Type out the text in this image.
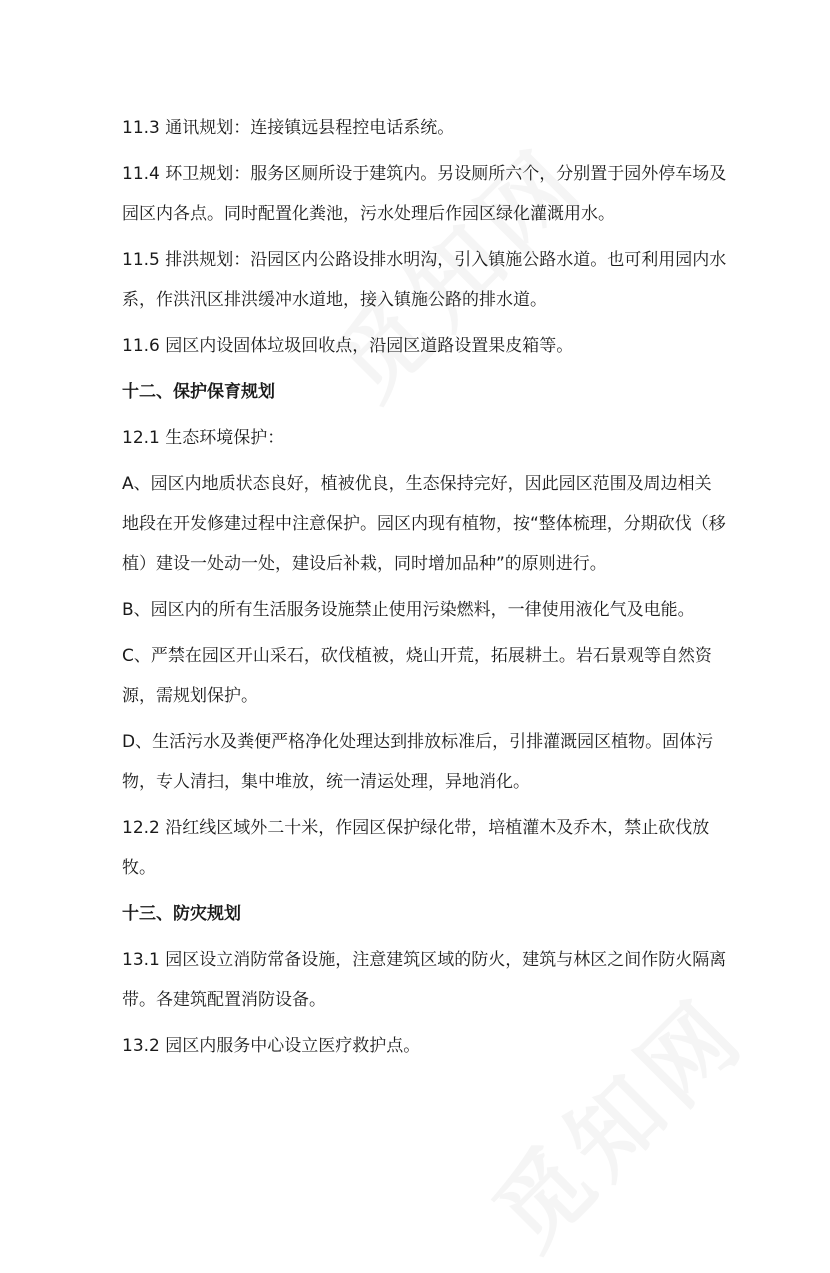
11.3 通讯规划：连接镇远县程控电话系统。
11.4 环卫规划：服务区厕所设于建筑内。另设厕所六个，分别置于园外停车场及
园区内各点。同时配置化粪池，污水处理后作园区绿化灌溉用水。
11.5 排洪规划：沿园区内公路设排水明沟，引入镇施公路水道。也可利用园内水
系，作洪汛区排洪缓冲水道地，接入镇施公路的排水道。
11.6 园区内设固体垃圾回收点，沿园区道路设置果皮箱等。
十二、保护保育规划
12.1 生态环境保护：
A、园区内地质状态良好，植被优良，生态保持完好，因此园区范围及周边相关
地段在开发修建过程中注意保护。园区内现有植物，按“整体梳理，分期砍伐（移
植）建设一处动一处，建设后补栽，同时增加品种”的原则进行。
B、园区内的所有生活服务设施禁止使用污染燃料，一律使用液化气及电能。
C、严禁在园区开山采石，砍伐植被，烧山开荒，拓展耕土。岩石景观等自然资
源，需规划保护。
D、生活污水及粪便严格净化处理达到排放标准后，引排灌溉园区植物。固体污
物，专人清扫，集中堆放，统一清运处理，异地消化。
12.2 沿红线区域外二十米，作园区保护绿化带，培植灌木及乔木，禁止砍伐放
牧。
十三、防灾规划
13.1 园区设立消防常备设施，注意建筑区域的防火，建筑与林区之间作防火隔离
带。各建筑配置消防设备。
13.2 园区内服务中心设立医疗救护点。
